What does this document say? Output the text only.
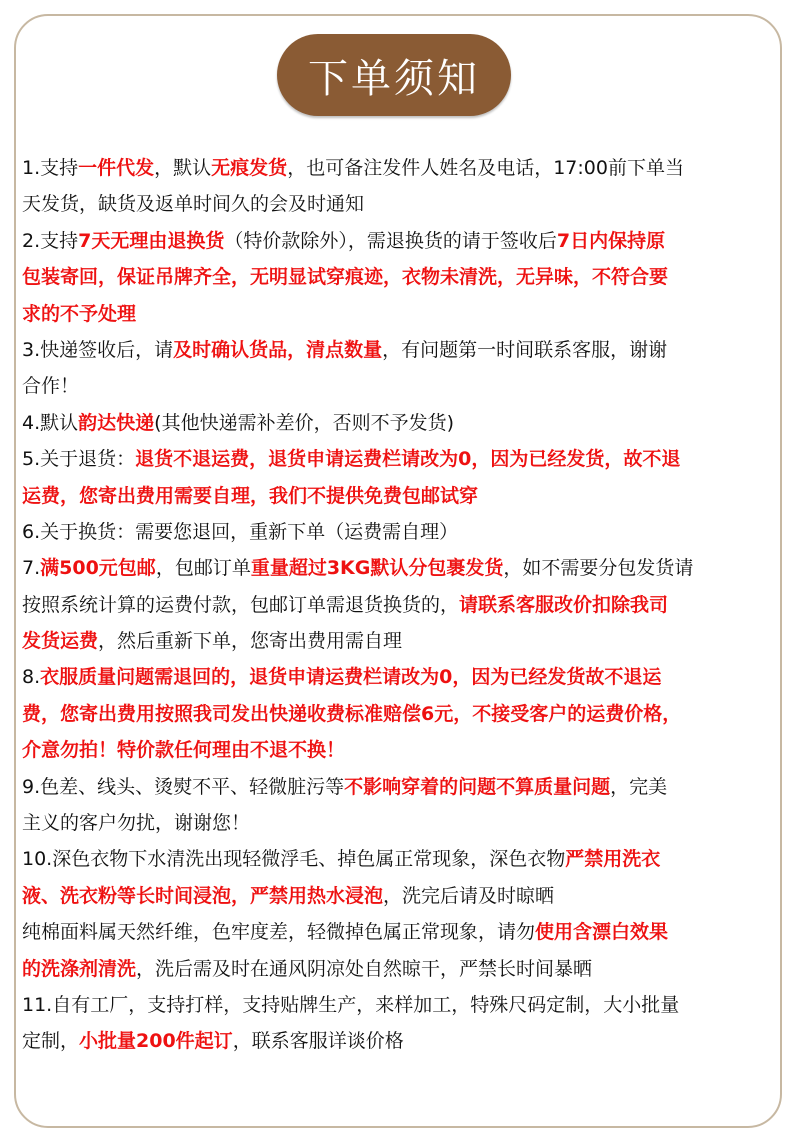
下单须知
1.支持一件代发，默认无痕发货，也可备注发件人姓名及电话，17:00前下单当
天发货，缺货及返单时间久的会及时通知
2.支持7天无理由退换货（特价款除外），需退换货的请于签收后7日内保持原
包装寄回，保证吊牌齐全，无明显试穿痕迹，衣物未清洗，无异味，不符合要
求的不予处理
3.快递签收后，请及时确认货品，清点数量，有问题第一时间联系客服，谢谢
合作！
4.默认韵达快递(其他快递需补差价，否则不予发货)
5.关于退货：退货不退运费，退货申请运费栏请改为0，因为已经发货，故不退
运费，您寄出费用需要自理，我们不提供免费包邮试穿
6.关于换货：需要您退回，重新下单（运费需自理）
7.满500元包邮，包邮订单重量超过3KG默认分包裹发货，如不需要分包发货请
按照系统计算的运费付款，包邮订单需退货换货的，请联系客服改价扣除我司
发货运费，然后重新下单，您寄出费用需自理
8.衣服质量问题需退回的，退货申请运费栏请改为0，因为已经发货故不退运
费，您寄出费用按照我司发出快递收费标准赔偿6元，不接受客户的运费价格，
介意勿拍！特价款任何理由不退不换！
9.色差、线头、烫熨不平、轻微脏污等不影响穿着的问题不算质量问题，完美
主义的客户勿扰，谢谢您！
10.深色衣物下水清洗出现轻微浮毛、掉色属正常现象，深色衣物严禁用洗衣
液、洗衣粉等长时间浸泡，严禁用热水浸泡，洗完后请及时晾晒
纯棉面料属天然纤维，色牢度差，轻微掉色属正常现象，请勿使用含漂白效果
的洗涤剂清洗，洗后需及时在通风阴凉处自然晾干，严禁长时间暴晒
11.自有工厂，支持打样，支持贴牌生产，来样加工，特殊尺码定制，大小批量
定制，小批量200件起订，联系客服详谈价格
